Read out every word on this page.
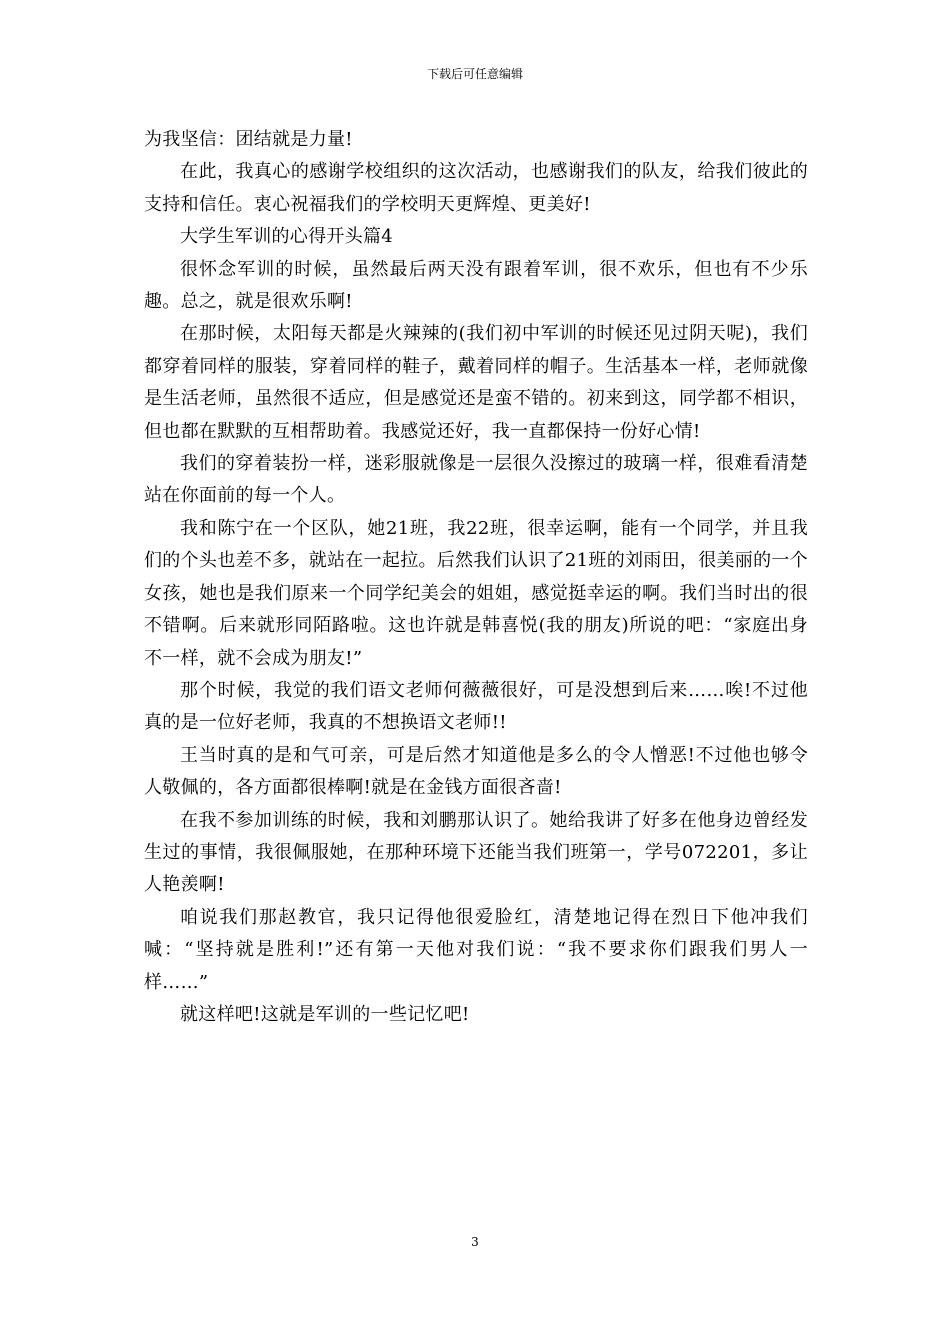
下载后可任意编辑

为我坚信：团结就是力量!

在此，我真心的感谢学校组织的这次活动，也感谢我们的队友，给我们彼此的支持和信任。衷心祝福我们的学校明天更辉煌、更美好!

大学生军训的心得开头篇4

很怀念军训的时候，虽然最后两天没有跟着军训，很不欢乐，但也有不少乐趣。总之，就是很欢乐啊!

在那时候，太阳每天都是火辣辣的(我们初中军训的时候还见过阴天呢)，我们都穿着同样的服装，穿着同样的鞋子，戴着同样的帽子。生活基本一样，老师就像是生活老师，虽然很不适应，但是感觉还是蛮不错的。初来到这，同学都不相识，但也都在默默的互相帮助着。我感觉还好，我一直都保持一份好心情!

我们的穿着装扮一样，迷彩服就像是一层很久没擦过的玻璃一样，很难看清楚站在你面前的每一个人。

我和陈宁在一个区队，她21班，我22班，很幸运啊，能有一个同学，并且我们的个头也差不多，就站在一起拉。后然我们认识了21班的刘雨田，很美丽的一个女孩，她也是我们原来一个同学纪美会的姐姐，感觉挺幸运的啊。我们当时出的很不错啊。后来就形同陌路啦。这也许就是韩喜悦(我的朋友)所说的吧：“家庭出身不一样，就不会成为朋友!”

那个时候，我觉的我们语文老师何薇薇很好，可是没想到后来……唉!不过他真的是一位好老师，我真的不想换语文老师!!

王当时真的是和气可亲，可是后然才知道他是多么的令人憎恶!不过他也够令人敬佩的，各方面都很棒啊!就是在金钱方面很吝啬!

在我不参加训练的时候，我和刘鹏那认识了。她给我讲了好多在他身边曾经发生过的事情，我很佩服她，在那种环境下还能当我们班第一，学号072201，多让人艳羡啊!

咱说我们那赵教官，我只记得他很爱脸红，清楚地记得在烈日下他冲我们喊：“坚持就是胜利!”还有第一天他对我们说：“我不要求你们跟我们男人一样……”

就这样吧!这就是军训的一些记忆吧!

3
